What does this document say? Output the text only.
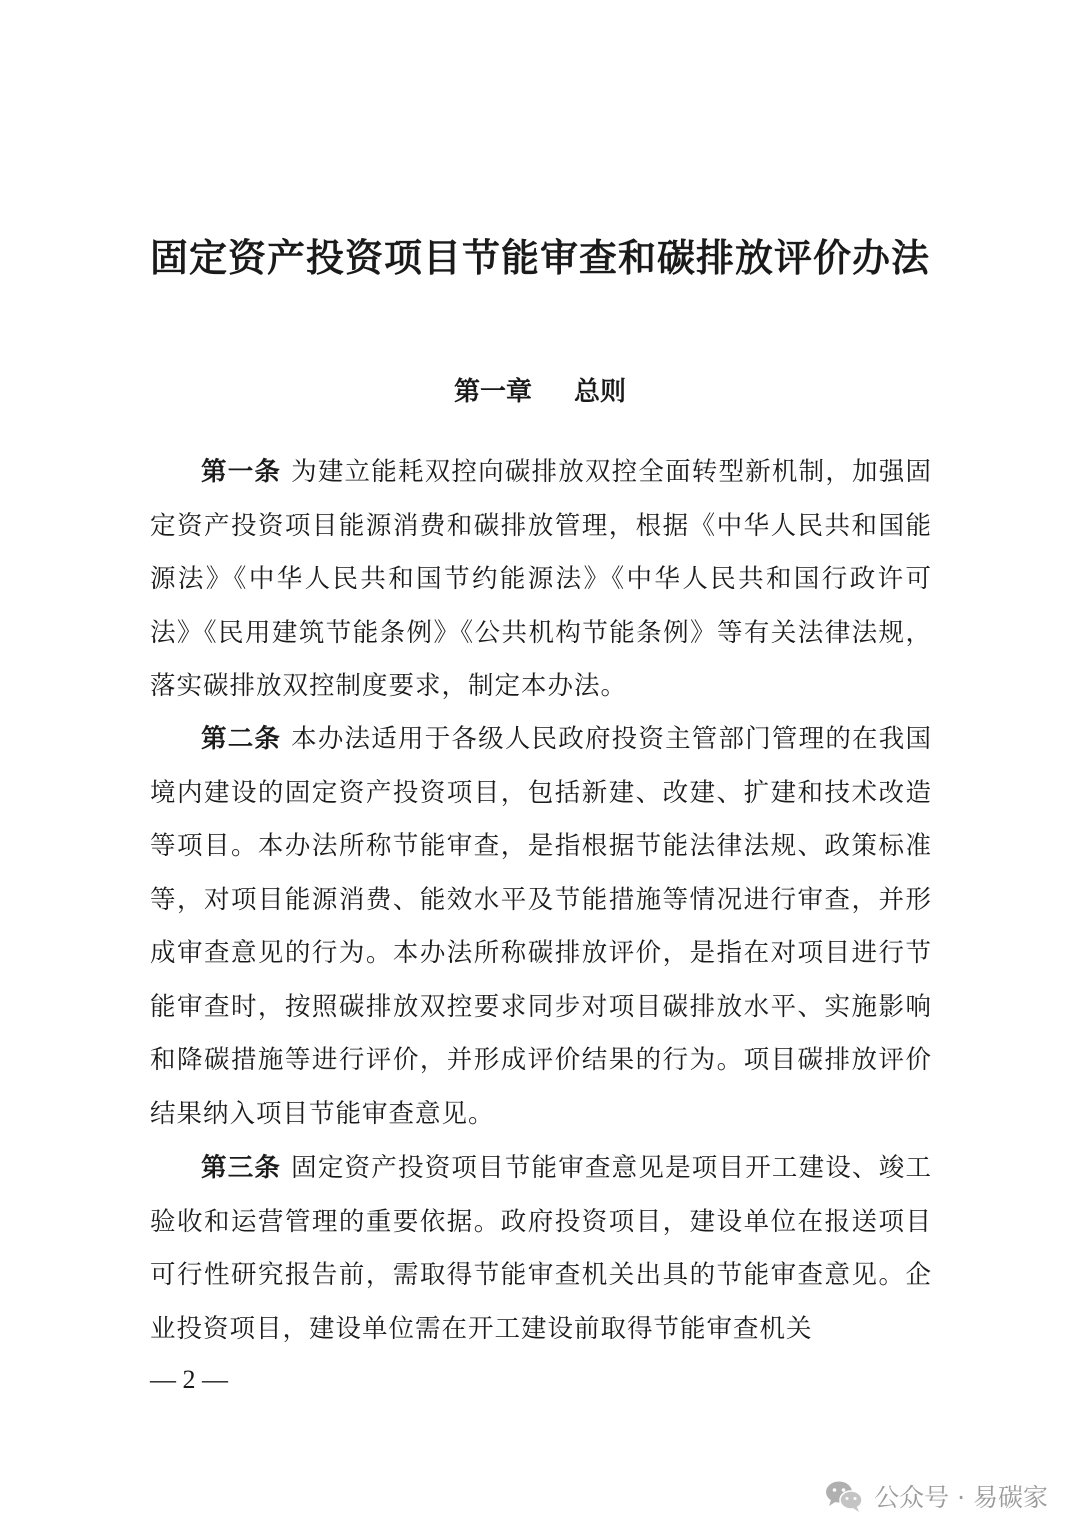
固定资产投资项目节能审查和碳排放评价办法
第一章 总则

第一条 为建立能耗双控向碳排放双控全面转型新机制，加强固定资产投资项目能源消费和碳排放管理，根据《中华人民共和国能源法》《中华人民共和国节约能源法》《中华人民共和国行政许可法》《民用建筑节能条例》《公共机构节能条例》等有关法律法规，落实碳排放双控制度要求，制定本办法。

第二条 本办法适用于各级人民政府投资主管部门管理的在我国境内建设的固定资产投资项目，包括新建、改建、扩建和技术改造等项目。本办法所称节能审查，是指根据节能法律法规、政策标准等，对项目能源消费、能效水平及节能措施等情况进行审查，并形成审查意见的行为。本办法所称碳排放评价，是指在对项目进行节能审查时，按照碳排放双控要求同步对项目碳排放水平、实施影响和降碳措施等进行评价，并形成评价结果的行为。项目碳排放评价结果纳入项目节能审查意见。

第三条 固定资产投资项目节能审查意见是项目开工建设、竣工验收和运营管理的重要依据。政府投资项目，建设单位在报送项目可行性研究报告前，需取得节能审查机关出具的节能审查意见。企业投资项目，建设单位需在开工建设前取得节能审查机关

— 2 —
公众号 · 易碳家
